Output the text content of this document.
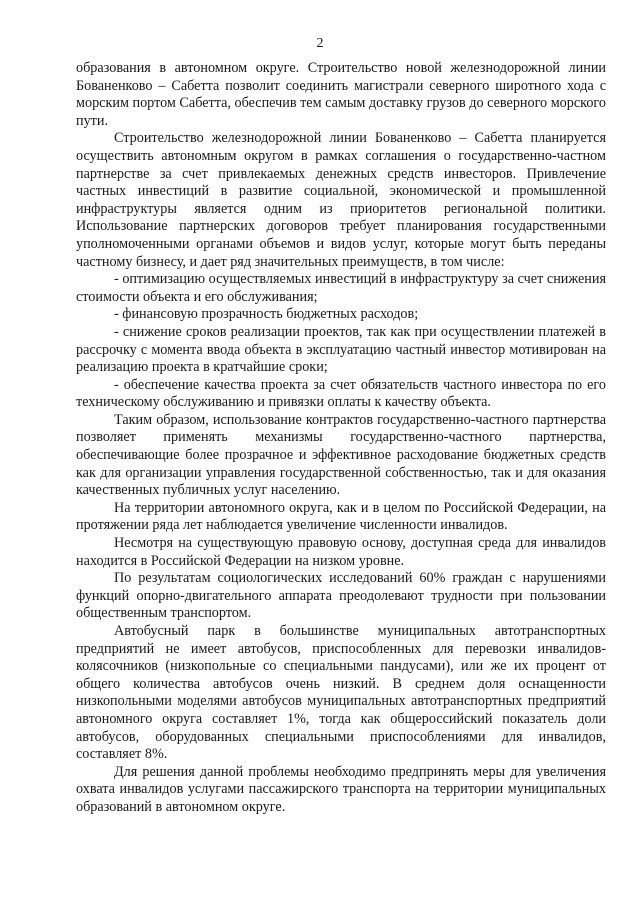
2

образования в автономном округе. Строительство новой железнодорожной линии Бованенково – Сабетта позволит соединить магистрали северного широтного хода с морским портом Сабетта, обеспечив тем самым доставку грузов до северного морского пути.

Строительство железнодорожной линии Бованенково – Сабетта планируется осуществить автономным округом в рамках соглашения о государственно-частном партнерстве за счет привлекаемых денежных средств инвесторов. Привлечение частных инвестиций в развитие социальной, экономической и промышленной инфраструктуры является одним из приоритетов региональной политики. Использование партнерских договоров требует планирования государственными уполномоченными органами объемов и видов услуг, которые могут быть переданы частному бизнесу, и дает ряд значительных преимуществ, в том числе:

- оптимизацию осуществляемых инвестиций в инфраструктуру за счет снижения стоимости объекта и его обслуживания;

- финансовую прозрачность бюджетных расходов;

- снижение сроков реализации проектов, так как при осуществлении платежей в рассрочку с момента ввода объекта в эксплуатацию частный инвестор мотивирован на реализацию проекта в кратчайшие сроки;

- обеспечение качества проекта за счет обязательств частного инвестора по его техническому обслуживанию и привязки оплаты к качеству объекта.

Таким образом, использование контрактов государственно-частного партнерства позволяет применять механизмы государственно-частного партнерства, обеспечивающие более прозрачное и эффективное расходование бюджетных средств как для организации управления государственной собственностью, так и для оказания качественных публичных услуг населению.

На территории автономного округа, как и в целом по Российской Федерации, на протяжении ряда лет наблюдается увеличение численности инвалидов.

Несмотря на существующую правовую основу, доступная среда для инвалидов находится в Российской Федерации на низком уровне.

По результатам социологических исследований 60% граждан с нарушениями функций опорно-двигательного аппарата преодолевают трудности при пользовании общественным транспортом.

Автобусный парк в большинстве муниципальных автотранспортных предприятий не имеет автобусов, приспособленных для перевозки инвалидов-колясочников (низкопольные со специальными пандусами), или же их процент от общего количества автобусов очень низкий. В среднем доля оснащенности низкопольными моделями автобусов муниципальных автотранспортных предприятий автономного округа составляет 1%, тогда как общероссийский показатель доли автобусов, оборудованных специальными приспособлениями для инвалидов, составляет 8%.

Для решения данной проблемы необходимо предпринять меры для увеличения охвата инвалидов услугами пассажирского транспорта на территории муниципальных образований в автономном округе.
